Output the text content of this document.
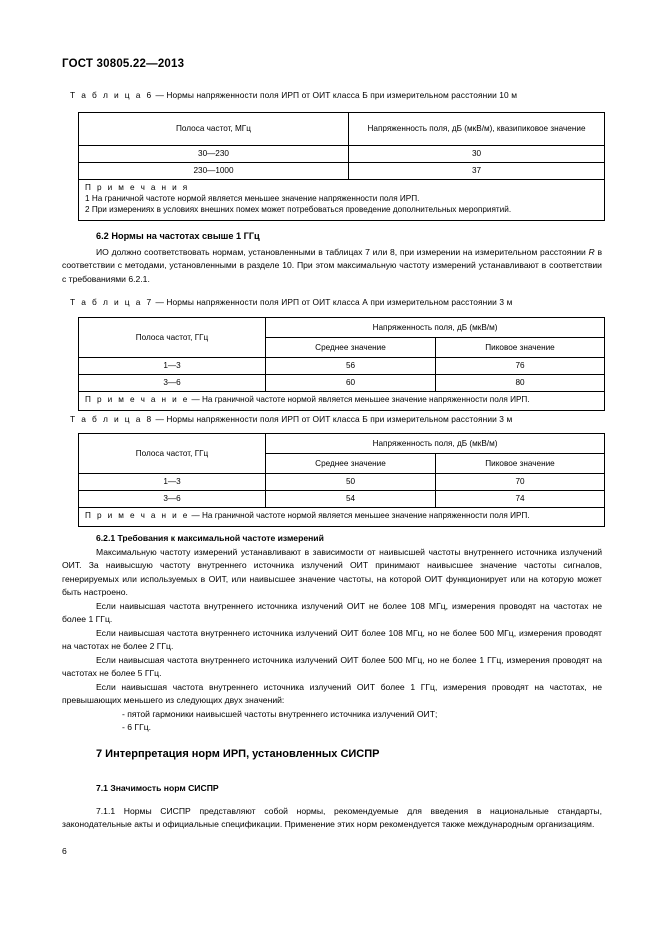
ГОСТ 30805.22—2013
Т а б л и ц а 6 — Нормы напряженности поля ИРП от ОИТ класса Б при измерительном расстоянии 10 м
Полоса частот, МГц	Напряженность поля, дБ (мкВ/м), квазипиковое значение
30—230	30
230—1000	37

П р и м е ч а н и я
1 На граничной частоте нормой является меньшее значение напряженности поля ИРП.
2 При измерениях в условиях внешних помех может потребоваться проведение дополнительных мероприятий.	
6.2 Нормы на частотах свыше 1 ГГц
ИО должно соответствовать нормам, установленными в таблицах 7 или 8, при измерении на измерительном расстоянии R в соответствии с методами, установленными в разделе 10. При этом максимальную частоту измерений устанавливают в соответствии с требованиями 6.2.1.
Т а б л и ц а 7 — Нормы напряженности поля ИРП от ОИТ класса А при измерительном расстоянии 3 м
Полоса частот, ГГц	Напряженность поля, дБ (мкВ/м)	
	Среднее значение	Пиковое значение
1—3	56	76
3—6	60	80
П р и м е ч а н и е — На граничной частоте нормой является меньшее значение напряженности поля ИРП.		
Т а б л и ц а 8 — Нормы напряженности поля ИРП от ОИТ класса Б при измерительном расстоянии 3 м
Полоса частот, ГГц	Напряженность поля, дБ (мкВ/м)	
	Среднее значение	Пиковое значение
1—3	50	70
3—6	54	74
П р и м е ч а н и е — На граничной частоте нормой является меньшее значение напряженности поля ИРП.		
6.2.1 Требования к максимальной частоте измерений
Максимальную частоту измерений устанавливают в зависимости от наивысшей частоты внутреннего источника излучений ОИТ. За наивысшую частоту внутреннего источника излучений ОИТ принимают наивысшее значение частоты сигналов, генерируемых или используемых в ОИТ, или наивысшее значение частоты, на которой ОИТ функционирует или на которую может быть настроено.
Если наивысшая частота внутреннего источника излучений ОИТ не более 108 МГц, измерения проводят на частотах не более 1 ГГц.
Если наивысшая частота внутреннего источника излучений ОИТ более 108 МГц, но не более 500 МГц, измерения проводят на частотах не более 2 ГГц.
Если наивысшая частота внутреннего источника излучений ОИТ более 500 МГц, но не более 1 ГГц, измерения проводят на частотах не более 5 ГГц.
Если наивысшая частота внутреннего источника излучений ОИТ более 1 ГГц, измерения проводят на частотах, не превышающих меньшего из следующих двух значений:
- пятой гармоники наивысшей частоты внутреннего источника излучений ОИТ;
- 6 ГГц.
7 Интерпретация норм ИРП, установленных СИСПР
7.1 Значимость норм СИСПР
7.1.1 Нормы СИСПР представляют собой нормы, рекомендуемые для введения в национальные стандарты, законодательные акты и официальные спецификации. Применение этих норм рекомендуется также международным организациям.
6
